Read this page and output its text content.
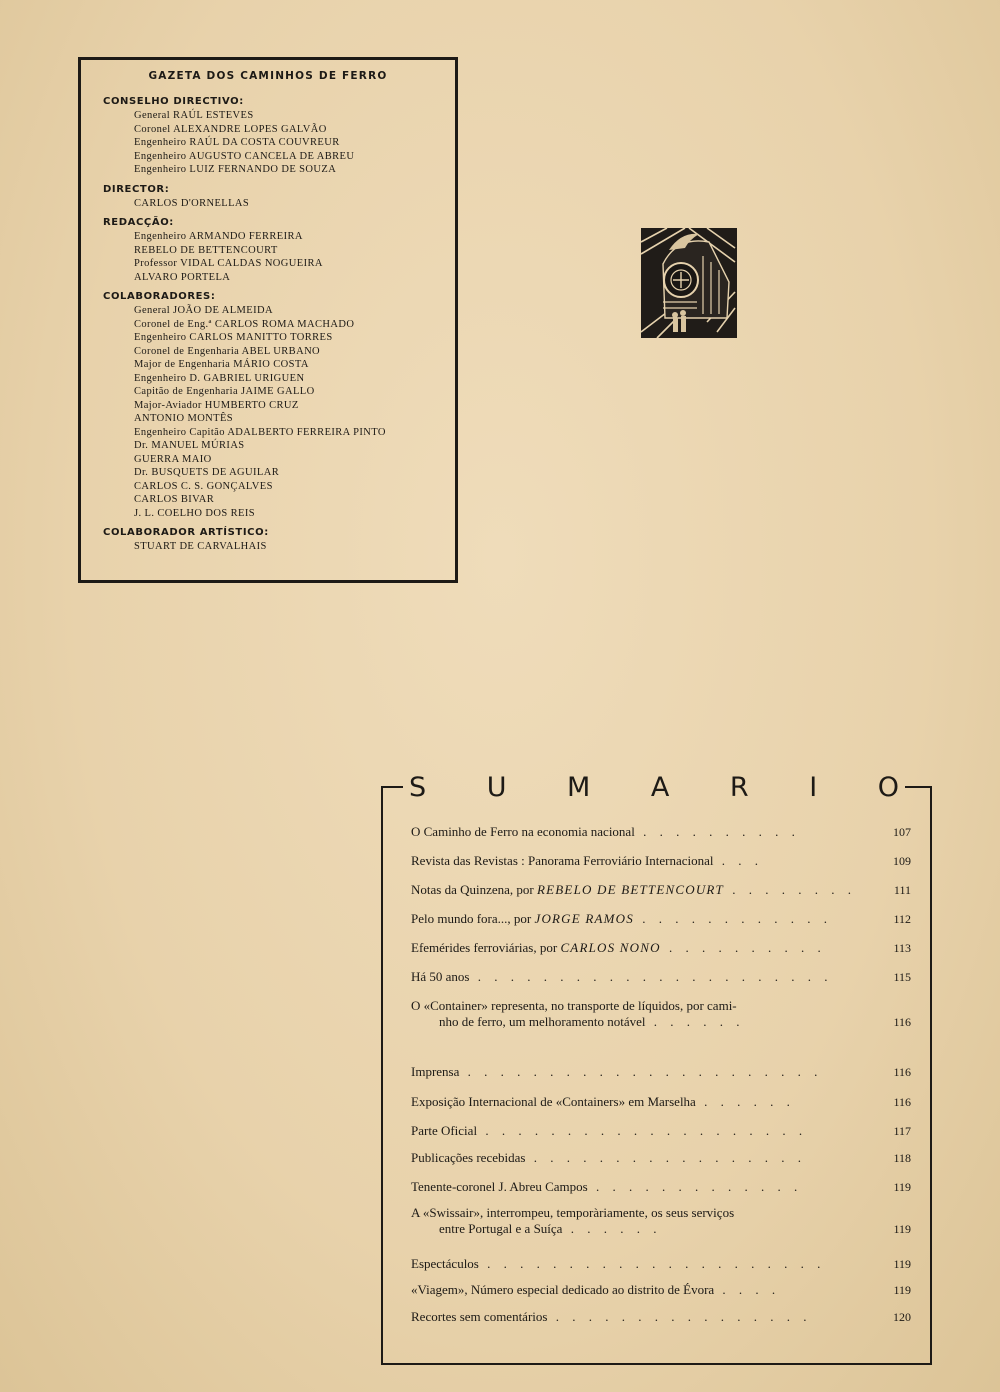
GAZETA DOS CAMINHOS DE FERRO

CONSELHO DIRECTIVO:

General RAÚL ESTEVES
Coronel ALEXANDRE LOPES GALVÃO
Engenheiro RAÚL DA COSTA COUVREUR
Engenheiro AUGUSTO CANCELA DE ABREU
Engenheiro LUIZ FERNANDO DE SOUZA

DIRECTOR:

CARLOS D'ORNELLAS

REDACÇÃO:

Engenheiro ARMANDO FERREIRA
REBELO DE BETTENCOURT
Professor VIDAL CALDAS NOGUEIRA
ALVARO PORTELA

COLABORADORES:

General JOÃO DE ALMEIDA
Coronel de Eng.ª CARLOS ROMA MACHADO
Engenheiro CARLOS MANITTO TORRES
Coronel de Engenharia ABEL URBANO
Major de Engenharia MÁRIO COSTA
Engenheiro D. GABRIEL URIGUEN
Capitão de Engenharia JAIME GALLO
Major-Aviador HUMBERTO CRUZ
ANTONIO MONTÊS
Engenheiro Capitão ADALBERTO FERREIRA PINTO
Dr. MANUEL MÚRIAS
GUERRA MAIO
Dr. BUSQUETS DE AGUILAR
CARLOS C. S. GONÇALVES
CARLOS BIVAR
J. L. COELHO DOS REIS

COLABORADOR ARTÍSTICO:

STUART DE CARVALHAIS
S U M A R I O
O Caminho de Ferro na economia nacional . . . . . . . . . .	107
Revista das Revistas : Panorama Ferroviário Internacional . . .	109
Notas da Quinzena, por REBELO DE BETTENCOURT . . . . . . . .	111
Pelo mundo fora..., por JORGE RAMOS . . . . . . . . . . . .	112
Efemérides ferroviárias, por CARLOS NONO . . . . . . . . . .	113
Há 50 anos . . . . . . . . . . . . . . . . . . . . . .	115
O «Container» representa, no transporte de líquidos, por cami-
nho de ferro, um melhoramento notável . . . . . .	116
Imprensa . . . . . . . . . . . . . . . . . . . . . .	116
Exposição Internacional de «Containers» em Marselha . . . . . .	116
Parte Oficial . . . . . . . . . . . . . . . . . . . .	117
Publicações recebidas . . . . . . . . . . . . . . . . .	118
Tenente-coronel J. Abreu Campos . . . . . . . . . . . . .	119
A «Swissair», interrompeu, temporàriamente, os seus serviços
entre Portugal e a Suíça . . . . . .	119
Espectáculos . . . . . . . . . . . . . . . . . . . . .	119
«Viagem», Número especial dedicado ao distrito de Évora . . . .	119
Recortes sem comentários . . . . . . . . . . . . . . . .	120
